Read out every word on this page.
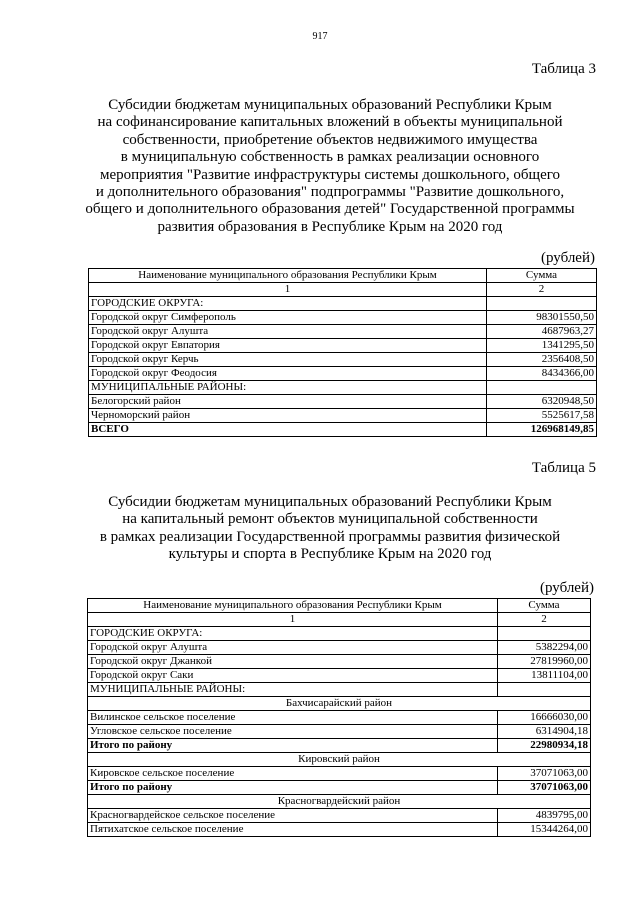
917
Таблица 3
Субсидии бюджетам муниципальных образований Республики Крым
на софинансирование капитальных вложений в объекты муниципальной
собственности, приобретение объектов недвижимого имущества
в муниципальную собственность в рамках реализации основного
мероприятия "Развитие инфраструктуры системы дошкольного, общего
и дополнительного образования" подпрограммы "Развитие дошкольного,
общего и дополнительного образования детей" Государственной программы
развития образования в Республике Крым на 2020 год
(рублей)
Наименование муниципального образования Республики Крым	Сумма
1	2
ГОРОДСКИЕ ОКРУГА:	
Городской округ Симферополь	98301550,50
Городской округ Алушта	4687963,27
Городской округ Евпатория	1341295,50
Городской округ Керчь	2356408,50
Городской округ Феодосия	8434366,00
МУНИЦИПАЛЬНЫЕ РАЙОНЫ:	
Белогорский район	6320948,50
Черноморский район	5525617,58
ВСЕГО	126968149,85
Таблица 5
Субсидии бюджетам муниципальных образований Республики Крым
на капитальный ремонт объектов муниципальной собственности
в рамках реализации Государственной программы развития физической
культуры и спорта в Республике Крым на 2020 год
(рублей)
Наименование муниципального образования Республики Крым	Сумма
1	2
ГОРОДСКИЕ ОКРУГА:	
Городской округ Алушта	5382294,00
Городской округ Джанкой	27819960,00
Городской округ Саки	13811104,00
МУНИЦИПАЛЬНЫЕ РАЙОНЫ:	
Бахчисарайский район	
Вилинское сельское поселение	16666030,00
Угловское сельское поселение	6314904,18
Итого по району	22980934,18
Кировский район	
Кировское сельское поселение	37071063,00
Итого по району	37071063,00
Красногвардейский район	
Красногвардейское сельское поселение	4839795,00
Пятихатское сельское поселение	15344264,00
